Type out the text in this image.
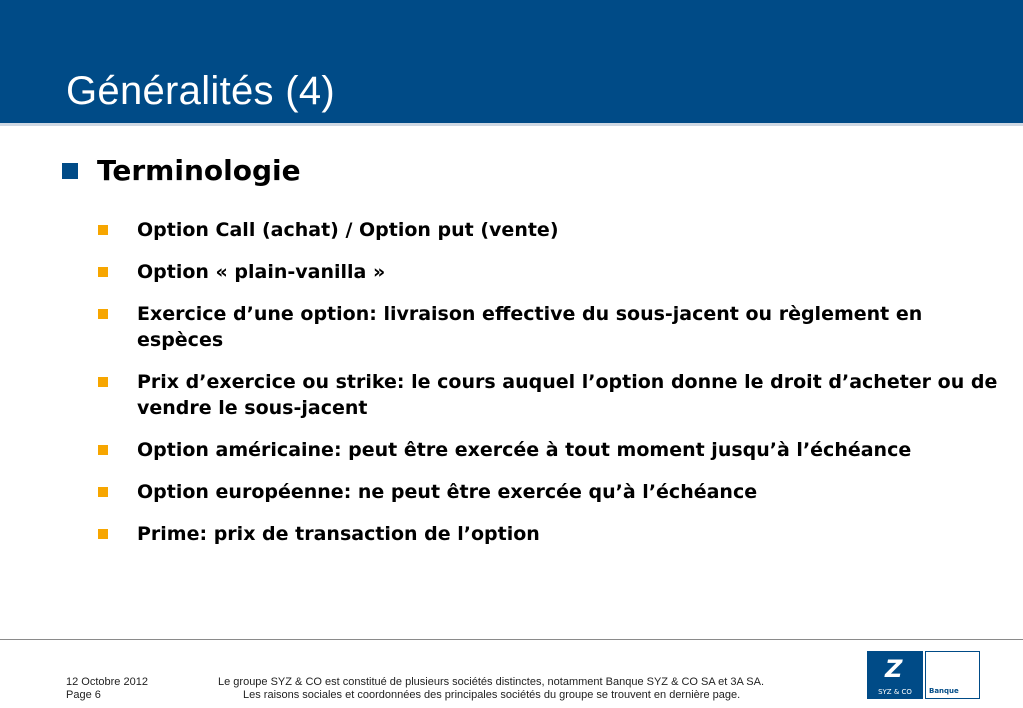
Généralités (4)
Terminologie
Option Call (achat) / Option put (vente)
Option « plain-vanilla »
Exercice d’une option: livraison effective du sous-jacent ou règlement en espèces
Prix d’exercice ou strike: le cours auquel l’option donne le droit d’acheter ou de vendre le sous-jacent
Option américaine: peut être exercée à tout moment jusqu’à l’échéance
Option européenne: ne peut être exercée qu’à l’échéance
Prime: prix de transaction de l’option
12 Octobre 2012
Page 6
Le groupe SYZ & CO est constitué de plusieurs sociétés distinctes, notamment Banque SYZ & CO SA et 3A SA.
Les raisons sociales et coordonnées des principales sociétés du groupe se trouvent en dernière page.
Z
SYZ & CO	Banque
